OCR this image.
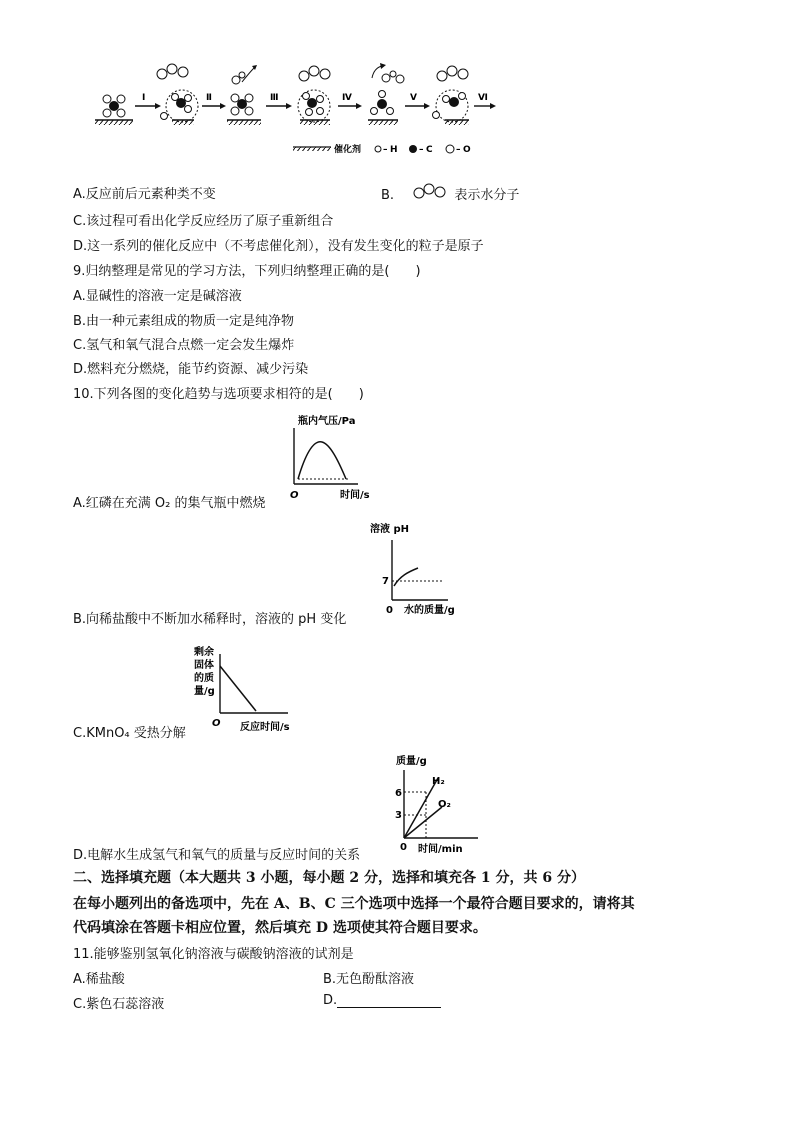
Ⅰ	Ⅱ	Ⅲ	Ⅳ	Ⅴ	Ⅵ
催化剂 – H – C	– O
A.反应前后元素种类不变	B.	表示水分子
C.该过程可看出化学反应经历了原子重新组合
D.这一系列的催化反应中（不考虑催化剂），没有发生变化的粒子是原子
9.归纳整理是常见的学习方法，下列归纳整理正确的是(　　)
A.显碱性的溶液一定是碱溶液
B.由一种元素组成的物质一定是纯净物
C.氢气和氧气混合点燃一定会发生爆炸
D.燃料充分燃烧，能节约资源、减少污染
10.下列各图的变化趋势与选项要求相符的是(　　)
瓶内气压/Pa
O	时间/s
A.红磷在充满 O₂ 的集气瓶中燃烧
溶液 pH
7
0 水的质量/g
B.向稀盐酸中不断加水稀释时，溶液的 pH 变化
剩余
固体
的质
量/g
O 反应时间/s
C.KMnO₄ 受热分解
质量/g
6
3
H₂
O₂
0 时间/min
D.电解水生成氢气和氧气的质量与反应时间的关系
二、选择填充题（本大题共 3 小题，每小题 2 分，选择和填充各 1 分，共 6 分）
在每小题列出的备选项中，先在 A、B、C 三个选项中选择一个最符合题目要求的，请将其
代码填涂在答题卡相应位置，然后填充 D 选项使其符合题目要求。
11.能够鉴别氢氧化钠溶液与碳酸钠溶液的试剂是
A.稀盐酸	B.无色酚酞溶液
C.紫色石蕊溶液	D.
